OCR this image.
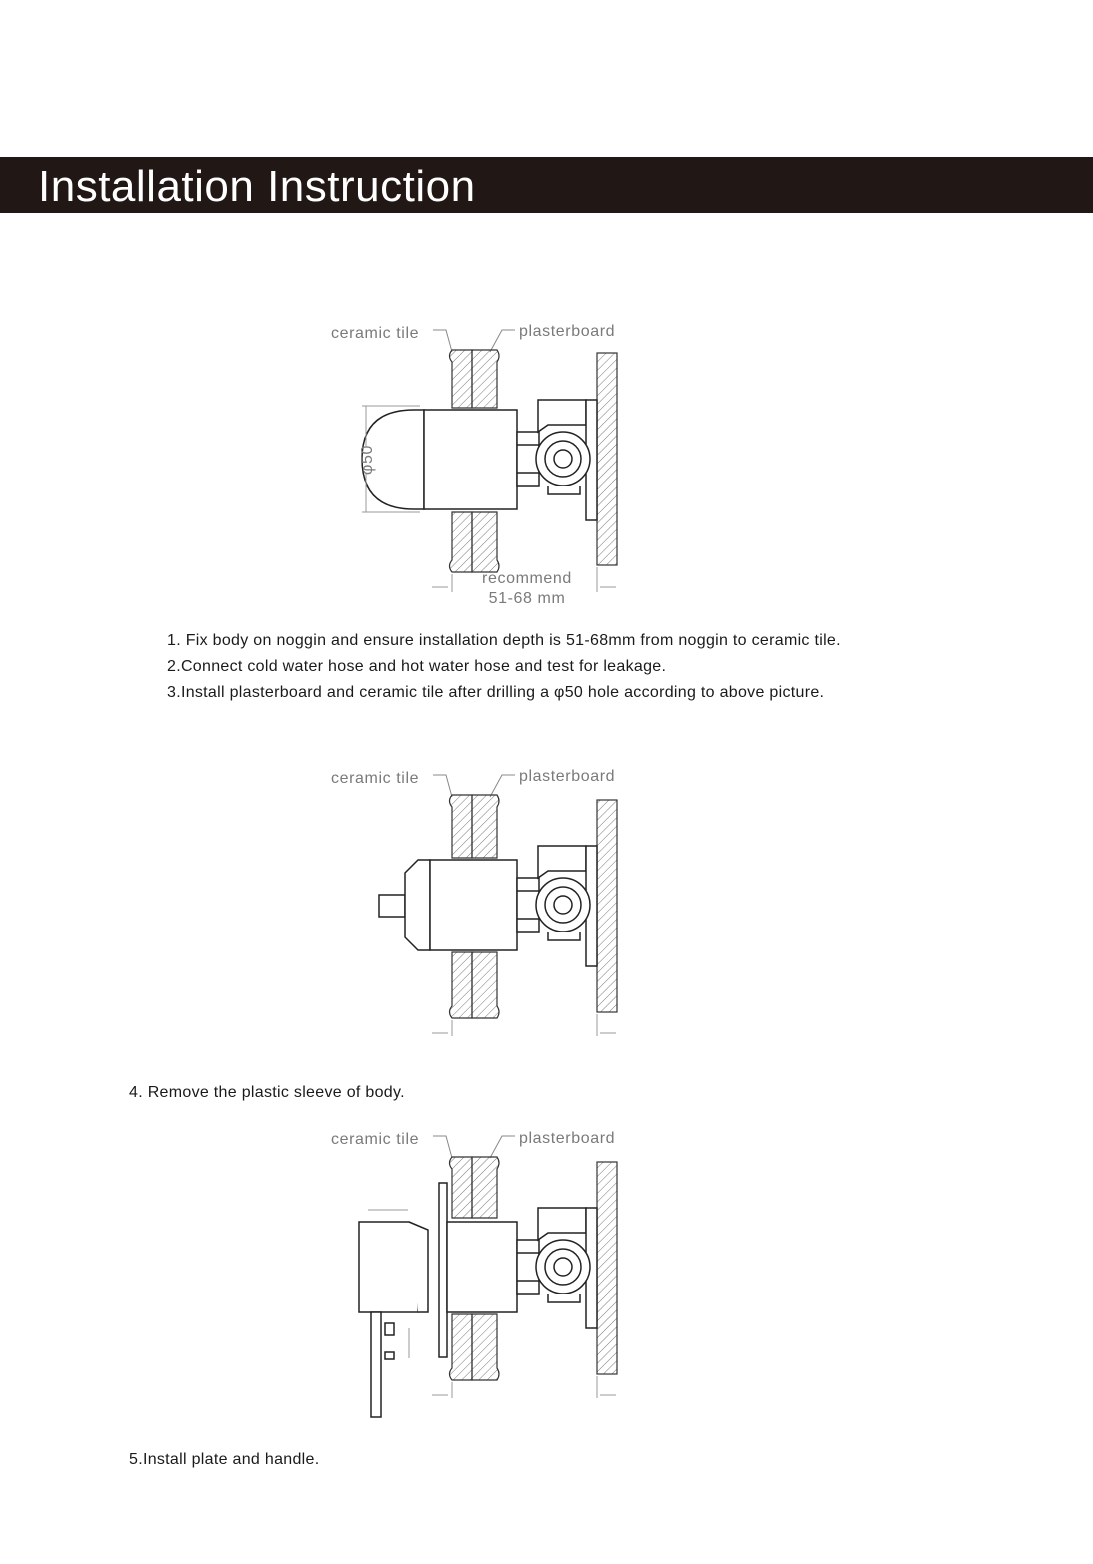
Installation Instruction
ceramic tile	plasterboard
φ50
recommend
51-68 mm
1. Fix body on noggin and ensure installation depth is 51-68mm from noggin to ceramic tile.
2.Connect cold water hose and hot water hose and test for leakage.
3.Install plasterboard and ceramic tile after drilling a φ50 hole according to above picture.
ceramic tile	plasterboard

4. Remove the plastic sleeve of body.

ceramic tile	plasterboard

5.Install plate and handle.
